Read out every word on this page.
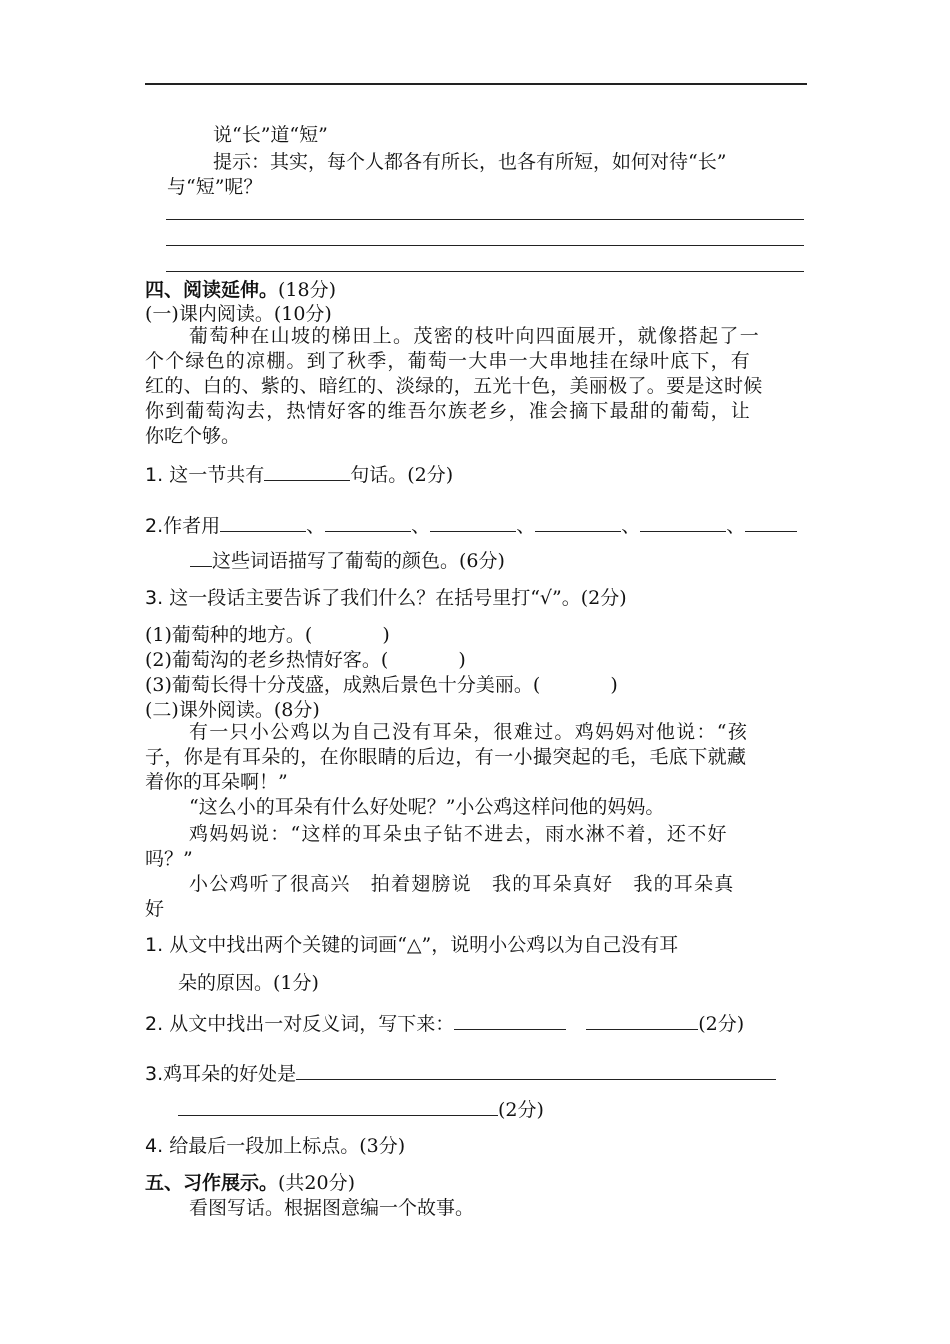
说“长”道“短”
提示：其实，每个人都各有所长，也各有所短，如何对待“长”
与“短”呢？
四、阅读延伸。(18分)
(一)课内阅读。(10分)
葡萄种在山坡的梯田上。茂密的枝叶向四面展开，就像搭起了一
个个绿色的凉棚。到了秋季，葡萄一大串一大串地挂在绿叶底下，有
红的、白的、紫的、暗红的、淡绿的，五光十色，美丽极了。要是这时候
你到葡萄沟去，热情好客的维吾尔族老乡，准会摘下最甜的葡萄，让
你吃个够。
1. 这一节共有	句话。(2分)
2.作者用	、	、	、	、	、
这些词语描写了葡萄的颜色。(6分)
3. 这一段话主要告诉了我们什么？在括号里打“√”。(2分)
(1)葡萄种的地方。(	)
(2)葡萄沟的老乡热情好客。(	)
(3)葡萄长得十分茂盛，成熟后景色十分美丽。(	)
(二)课外阅读。(8分)
有一只小公鸡以为自己没有耳朵，很难过。鸡妈妈对他说：“孩
子，你是有耳朵的，在你眼睛的后边，有一小撮突起的毛，毛底下就藏
着你的耳朵啊！”
“这么小的耳朵有什么好处呢？”小公鸡这样问他的妈妈。
鸡妈妈说：“这样的耳朵虫子钻不进去，雨水淋不着，还不好
吗？”
小公鸡听了很高兴　拍着翅膀说　我的耳朵真好　我的耳朵真
好
1. 从文中找出两个关键的词画“△”，说明小公鸡以为自己没有耳
朵的原因。(1分)
2. 从文中找出一对反义词，写下来：	(2分)
3.鸡耳朵的好处是
(2分)
4. 给最后一段加上标点。(3分)
五、习作展示。(共20分)
看图写话。根据图意编一个故事。
